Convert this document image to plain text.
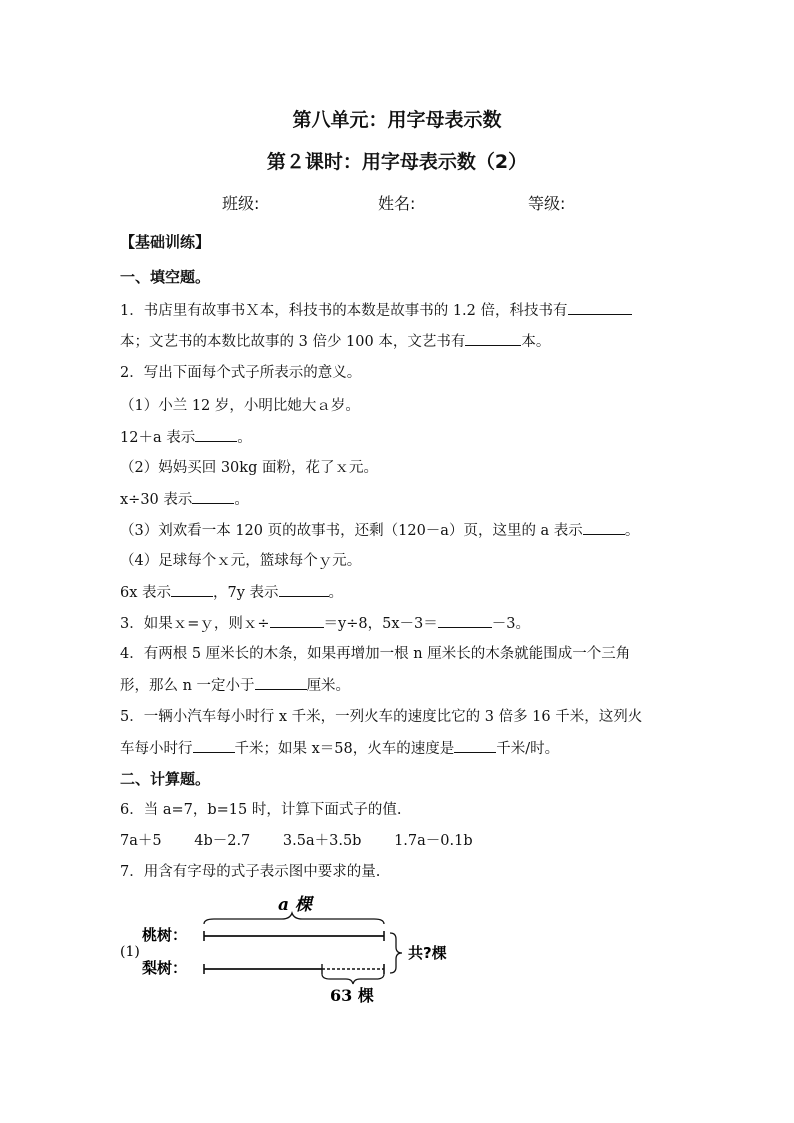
第八单元：用字母表示数
第２课时：用字母表示数（2）
班级:	姓名:	等级:
【基础训练】
一、填空题。
1．书店里有故事书Ｘ本，科技书的本数是故事书的 1.2 倍，科技书有
本；文艺书的本数比故事的 3 倍少 100 本，文艺书有	本。
2．写出下面每个式子所表示的意义。
（1）小兰 12 岁，小明比她大ａ岁。
12＋a 表示	。
（2）妈妈买回 30kg 面粉，花了ｘ元。
x÷30 表示	。
（3）刘欢看一本 120 页的故事书，还剩（120－a）页，这里的 a 表示	。
（4）足球每个ｘ元，篮球每个ｙ元。
6x 表示	，7y 表示	。
3．如果ｘ=ｙ，则ｘ÷	＝y÷8，5x－3＝	－3。
4．有两根 5 厘米长的木条，如果再增加一根 n 厘米长的木条就能围成一个三角
形，那么 n 一定小于	厘米。
5．一辆小汽车每小时行 x 千米，一列火车的速度比它的 3 倍多 16 千米，这列火
车每小时行	千米；如果 x＝58，火车的速度是	千米/时。
二、计算题。
6．当 a=7，b=15 时，计算下面式子的值.
7a＋5 4b－2.7 3.5a＋3.5b 1.7a－0.1b
7．用含有字母的式子表示图中要求的量.
(1)
桃树：
梨树：
a 棵
63 棵
共?棵
